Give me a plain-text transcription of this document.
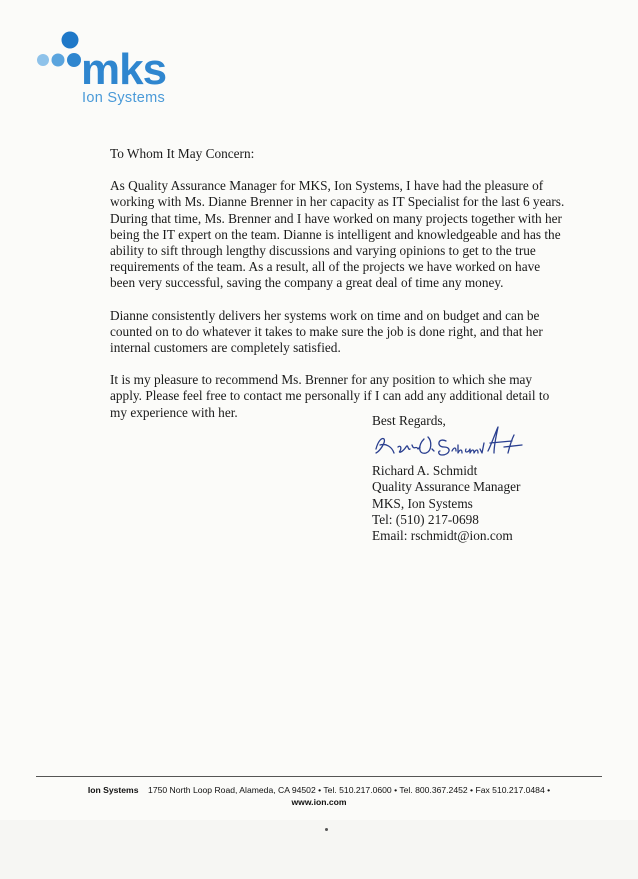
mks
Ion Systems

To Whom It May Concern:

As Quality Assurance Manager for MKS, Ion Systems, I have had the pleasure of working with Ms. Dianne Brenner in her capacity as IT Specialist for the last 6 years. During that time, Ms. Brenner and I have worked on many projects together with her being the IT expert on the team. Dianne is intelligent and knowledgeable and has the ability to sift through lengthy discussions and varying opinions to get to the true requirements of the team. As a result, all of the projects we have worked on have been very successful, saving the company a great deal of time any money.

Dianne consistently delivers her systems work on time and on budget and can be counted on to do whatever it takes to make sure the job is done right, and that her internal customers are completely satisfied.

It is my pleasure to recommend Ms. Brenner for any position to which she may apply. Please feel free to contact me personally if I can add any additional detail to my experience with her.

Best Regards,
Richard A. Schmidt
Quality Assurance Manager
MKS, Ion Systems
Tel: (510) 217-0698
Email: rschmidt@ion.com
Ion Systems 1750 North Loop Road, Alameda, CA 94502 • Tel. 510.217.0600 • Tel. 800.367.2452 • Fax 510.217.0484 •
www.ion.com
